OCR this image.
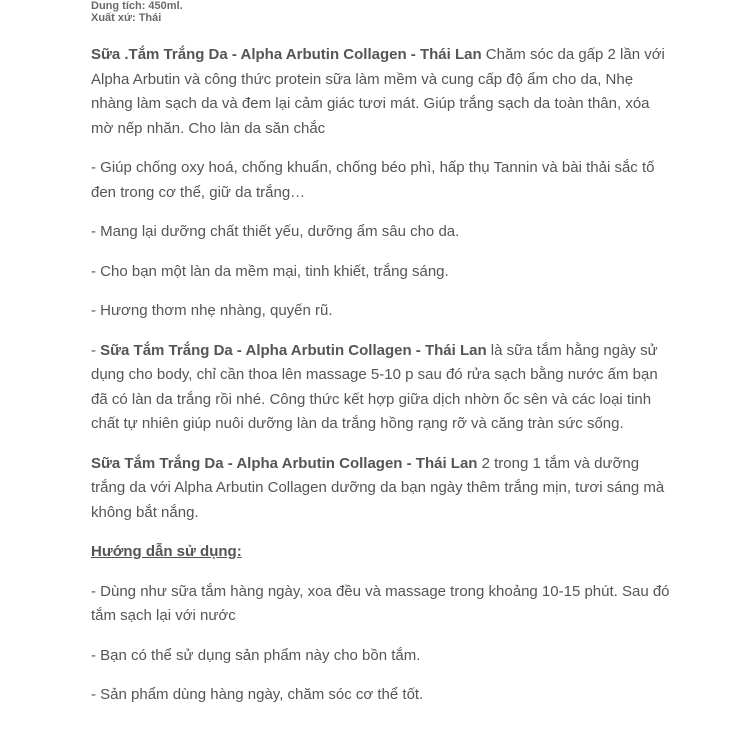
Dung tích: 450ml.
Xuất xứ: Thái

Sữa .Tắm Trắng Da - Alpha Arbutin Collagen - Thái Lan Chăm sóc da gấp 2 lần với Alpha Arbutin và công thức protein sữa làm mềm và cung cấp độ ẩm cho da, Nhẹ nhàng làm sạch da và đem lại cảm giác tươi mát. Giúp trắng sạch da toàn thân, xóa mờ nếp nhăn. Cho làn da săn chắc

- Giúp chống oxy hoá, chống khuẩn, chống béo phì, hấp thụ Tannin và bài thải sắc tố đen trong cơ thể, giữ da trắng…

- Mang lại dưỡng chất thiết yếu, dưỡng ẩm sâu cho da.

- Cho bạn một làn da mềm mại, tinh khiết, trắng sáng.

- Hương thơm nhẹ nhàng, quyến rũ.

- Sữa Tắm Trắng Da - Alpha Arbutin Collagen - Thái Lan là sữa tắm hằng ngày sử dụng cho body, chỉ cần thoa lên massage 5-10 p sau đó rửa sạch bằng nước ấm bạn đã có làn da trắng rồi nhé. Công thức kết hợp giữa dịch nhờn ốc sên và các loại tinh chất tự nhiên giúp nuôi dưỡng làn da trắng hồng rạng rỡ và căng tràn sức sống.

Sữa Tắm Trắng Da - Alpha Arbutin Collagen - Thái Lan 2 trong 1 tắm và dưỡng trắng da với Alpha Arbutin Collagen dưỡng da bạn ngày thêm trắng mịn, tươi sáng mà không bắt nắng.

Hướng dẫn sử dụng:

- Dùng như sữa tắm hàng ngày, xoa đều và massage trong khoảng 10-15 phút. Sau đó tắm sạch lại với nước

- Bạn có thể sử dụng sản phẩm này cho bồn tắm.

- Sản phẩm dùng hàng ngày, chăm sóc cơ thể tốt.
